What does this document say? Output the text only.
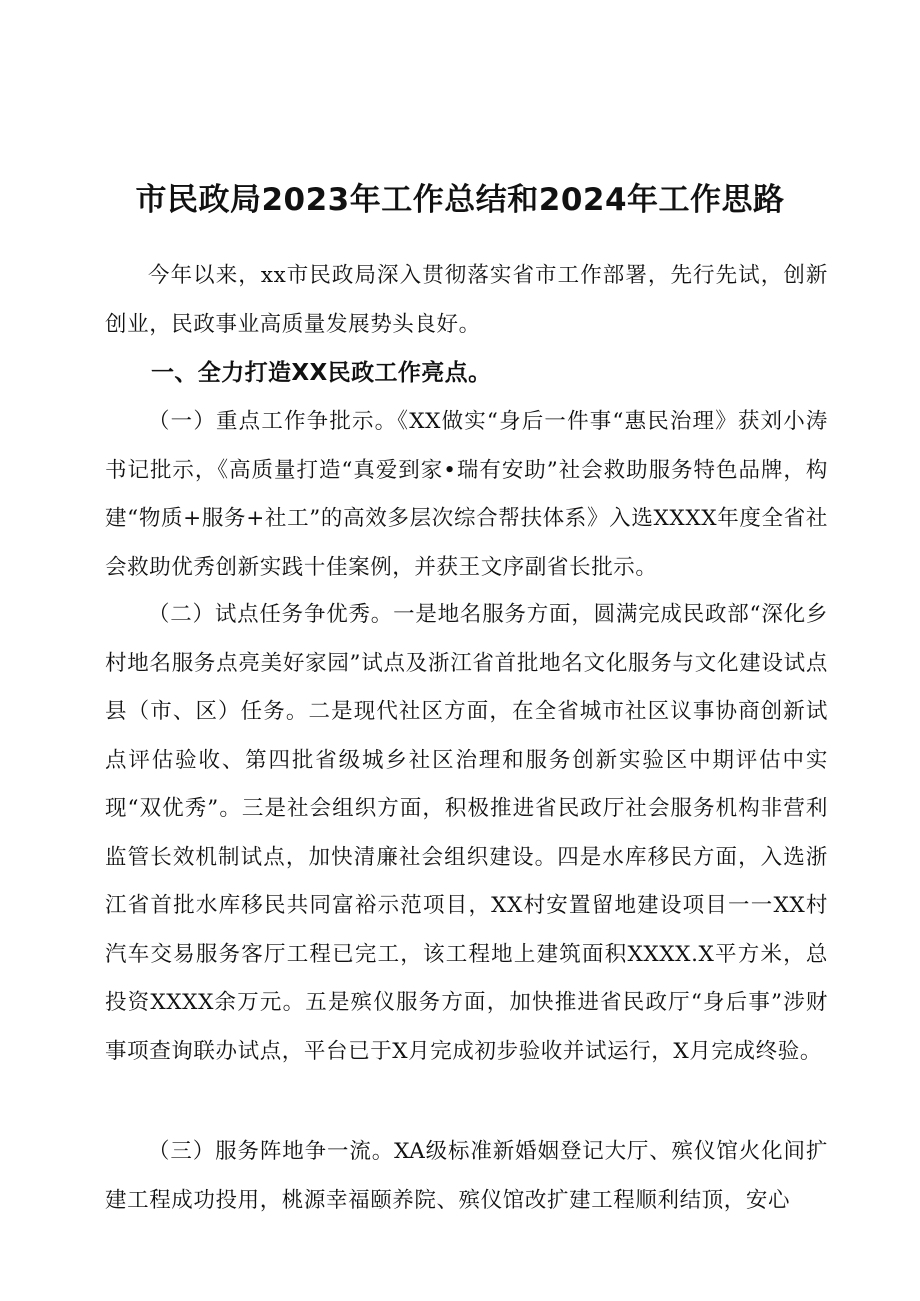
市民政局2023年工作总结和2024年工作思路

今年以来，xx市民政局深入贯彻落实省市工作部署，先行先试，创新创业，民政事业高质量发展势头良好。

一、全力打造XX民政工作亮点。

（一）重点工作争批示。《XX做实“身后一件事“惠民治理》获刘小涛书记批示，《高质量打造“真爱到家•瑞有安助”社会救助服务特色品牌，构建“物质+服务+社工”的高效多层次综合帮扶体系》入选XXXX年度全省社会救助优秀创新实践十佳案例，并获王文序副省长批示。

（二）试点任务争优秀。一是地名服务方面，圆满完成民政部“深化乡村地名服务点亮美好家园”试点及浙江省首批地名文化服务与文化建设试点县（市、区）任务。二是现代社区方面，在全省城市社区议事协商创新试点评估验收、第四批省级城乡社区治理和服务创新实验区中期评估中实现“双优秀”。三是社会组织方面，积极推进省民政厅社会服务机构非营利监管长效机制试点，加快清廉社会组织建设。四是水库移民方面，入选浙江省首批水库移民共同富裕示范项目，XX村安置留地建设项目一一XX村汽车交易服务客厅工程已完工，该工程地上建筑面积XXXX.X平方米，总投资XXXX余万元。五是殡仪服务方面，加快推进省民政厅“身后事”涉财事项查询联办试点，平台已于X月完成初步验收并试运行，X月完成终验。

（三）服务阵地争一流。XA级标准新婚姻登记大厅、殡仪馆火化间扩建工程成功投用，桃源幸福颐养院、殡仪馆改扩建工程顺利结顶，安心
